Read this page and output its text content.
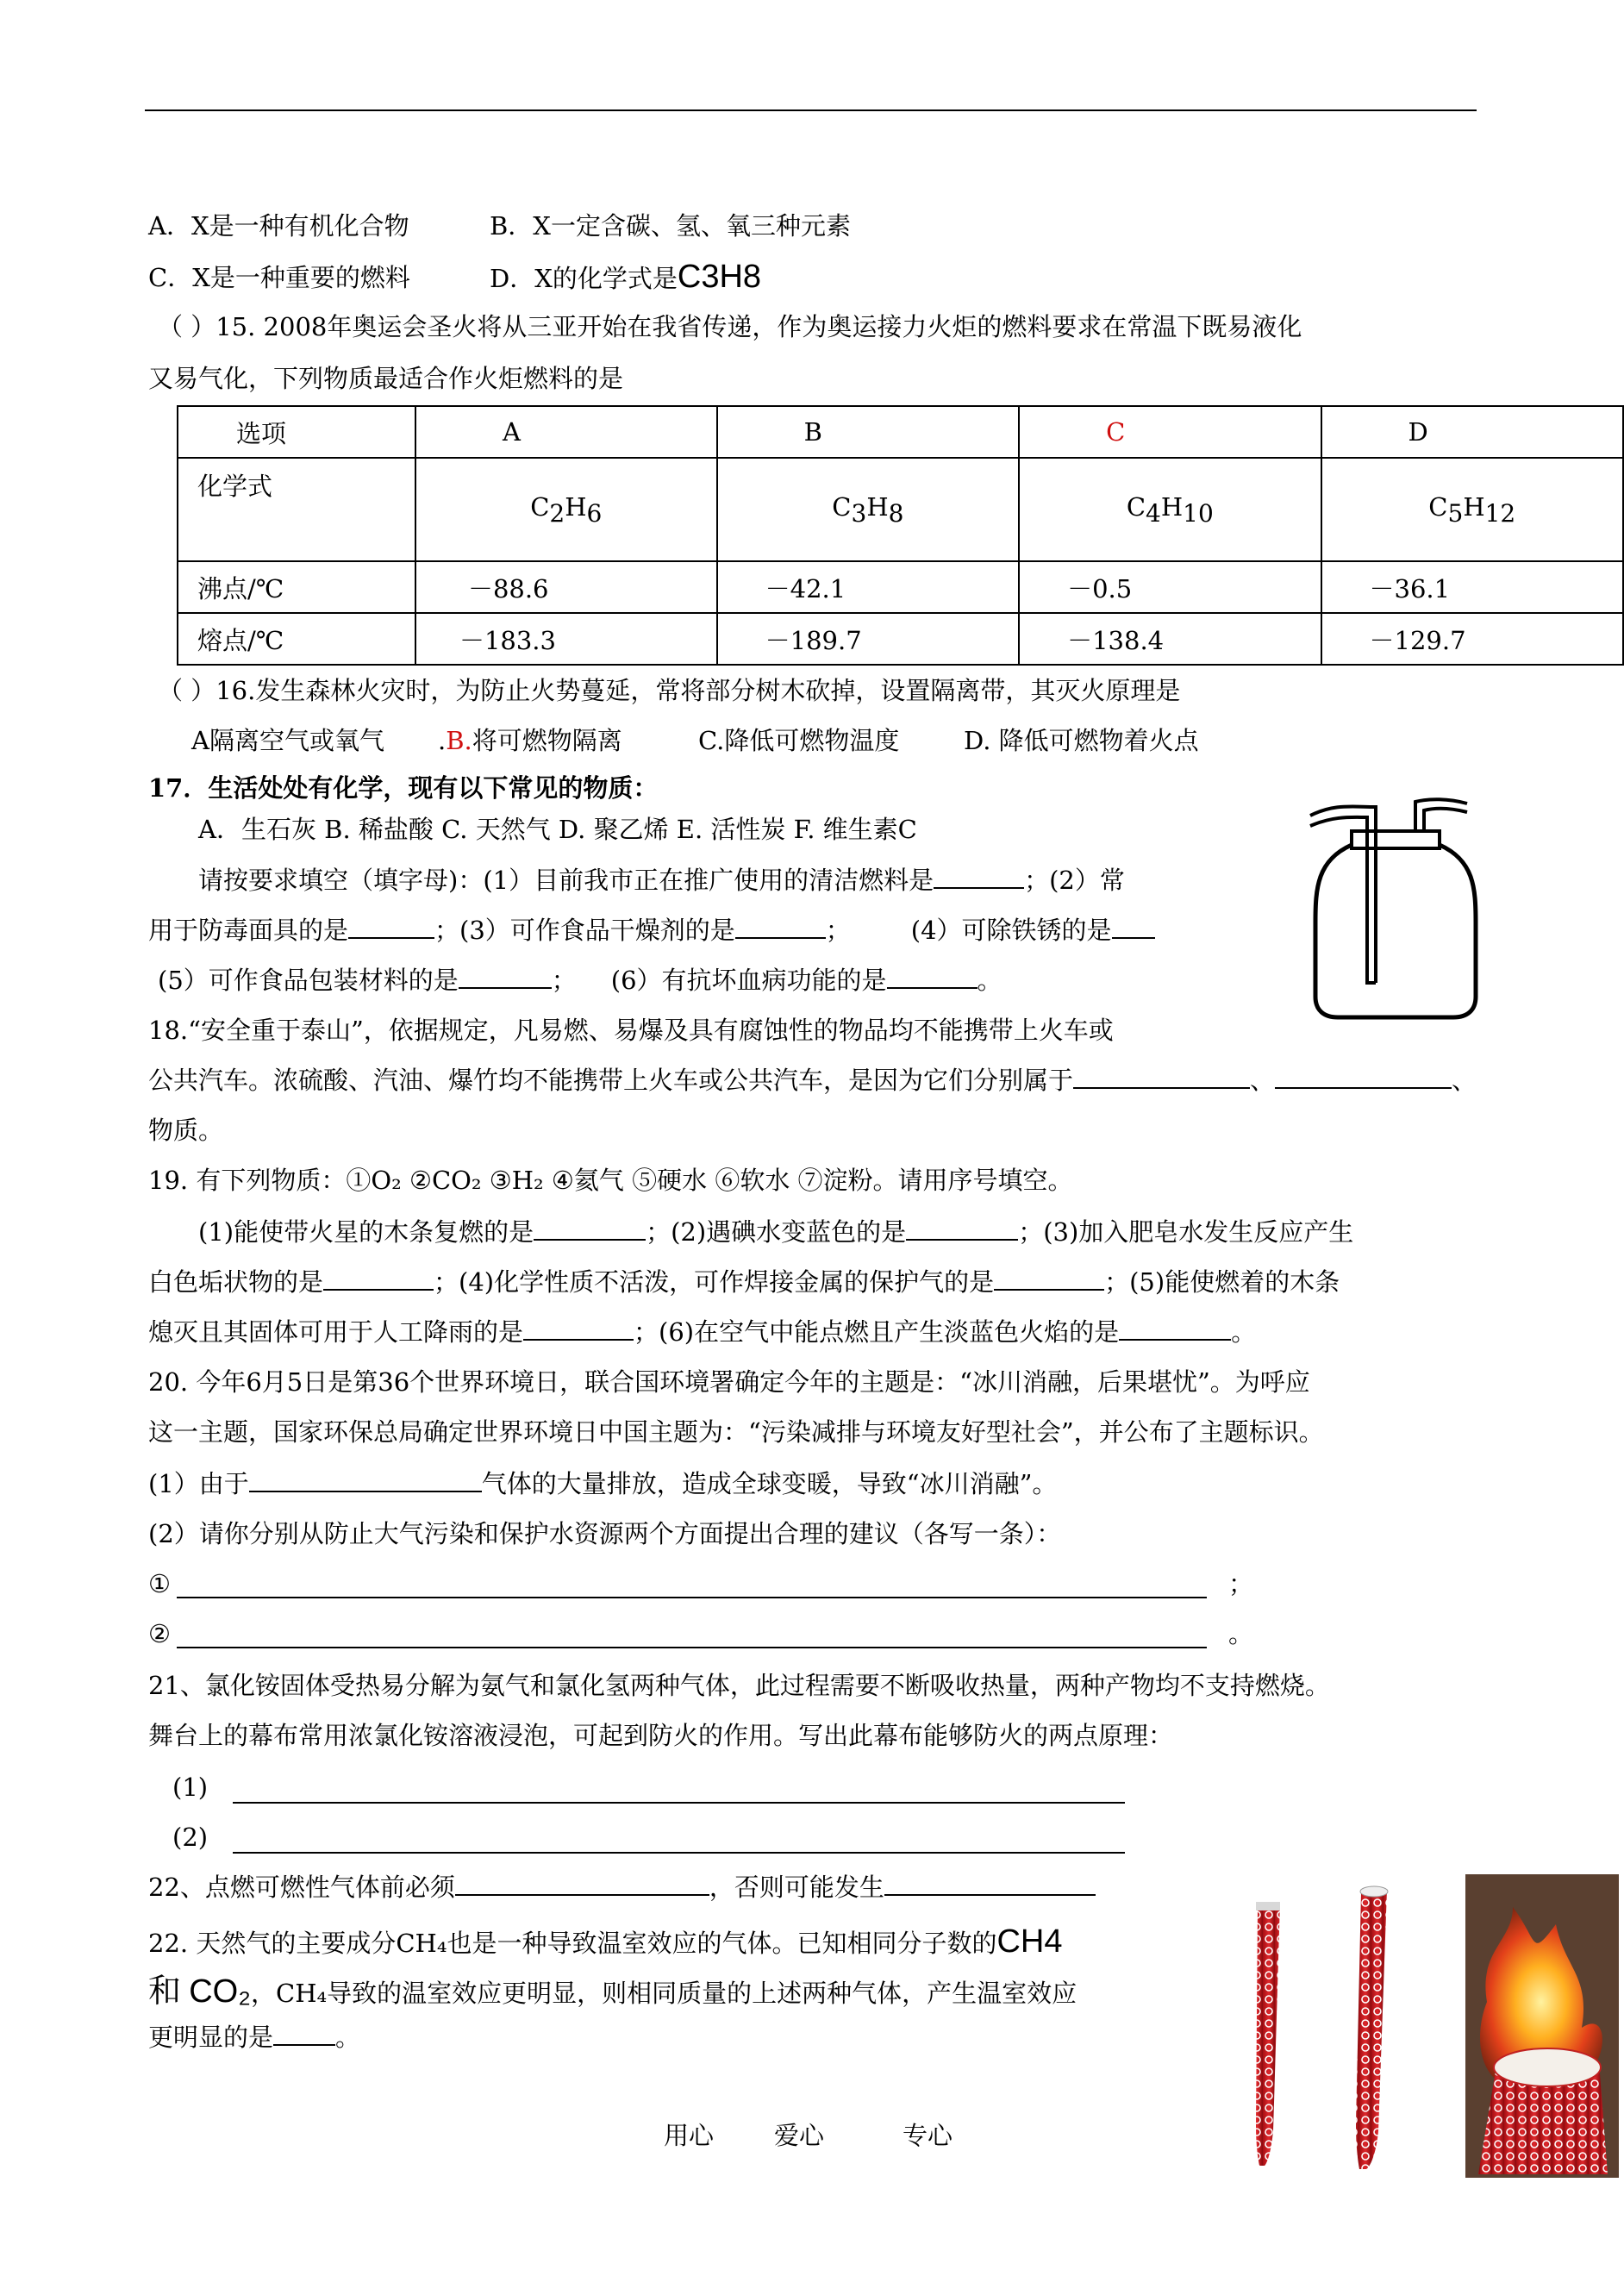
A．X是一种有机化合物	B．X一定含碳、氢、氧三种元素
C．X是一种重要的燃料	D．X的化学式是C3H8
（ ）15. 2008年奥运会圣火将从三亚开始在我省传递，作为奥运接力火炬的燃料要求在常温下既易液化
又易气化，下列物质最适合作火炬燃料的是
选项	A	B	C	D
化学式	$C_2H_6$	$C_3H_8$	$C_4H_{10}$	$C_5H_{12}$
沸点/℃	－88.6	－42.1	－0.5	－36.1
熔点/℃	－183.3	－189.7	－138.4	－129.7
（ ）16.发生森林火灾时，为防止火势蔓延，常将部分树木砍掉，设置隔离带，其灭火原理是
A隔离空气或氧气 .B.将可燃物隔离	C.降低可燃物温度	D. 降低可燃物着火点
17．生活处处有化学，现有以下常见的物质：
A．生石灰 B. 稀盐酸 C. 天然气 D. 聚乙烯 E. 活性炭 F. 维生素C
请按要求填空（填字母)：(1）目前我市正在推广使用的清洁燃料是	；(2）常
用于防毒面具的是	；(3）可作食品干燥剂的是	； (4）可除铁锈的是
(5）可作食品包装材料的是	； (6）有抗坏血病功能的是	。
18.“安全重于泰山”，依据规定，凡易燃、易爆及具有腐蚀性的物品均不能携带上火车或
公共汽车。浓硫酸、汽油、爆竹均不能携带上火车或公共汽车，是因为它们分别属于	、	、
物质。
19. 有下列物质：①O₂ ②CO₂ ③H₂ ④氦气 ⑤硬水 ⑥软水 ⑦淀粉。请用序号填空。
(1)能使带火星的木条复燃的是	；(2)遇碘水变蓝色的是	；(3)加入肥皂水发生反应产生
白色垢状物的是	；(4)化学性质不活泼，可作焊接金属的保护气的是	；(5)能使燃着的木条
熄灭且其固体可用于人工降雨的是	；(6)在空气中能点燃且产生淡蓝色火焰的是	。
20. 今年6月5日是第36个世界环境日，联合国环境署确定今年的主题是：“冰川消融，后果堪忧”。为呼应
这一主题，国家环保总局确定世界环境日中国主题为：“污染减排与环境友好型社会”，并公布了主题标识。
(1）由于	气体的大量排放，造成全球变暖，导致“冰川消融”。
(2）请你分别从防止大气污染和保护水资源两个方面提出合理的建议（各写一条）：
①	；
②	。
21、氯化铵固体受热易分解为氨气和氯化氢两种气体，此过程需要不断吸收热量，两种产物均不支持燃烧。
舞台上的幕布常用浓氯化铵溶液浸泡，可起到防火的作用。写出此幕布能够防火的两点原理：
(1)
(2)
22、点燃可燃性气体前必须	，否则可能发生
22. 天然气的主要成分CH₄也是一种导致温室效应的气体。已知相同分子数的CH4
和 CO₂，CH₄导致的温室效应更明显，则相同质量的上述两种气体，产生温室效应
更明显的是 。
用心 爱心	专心
